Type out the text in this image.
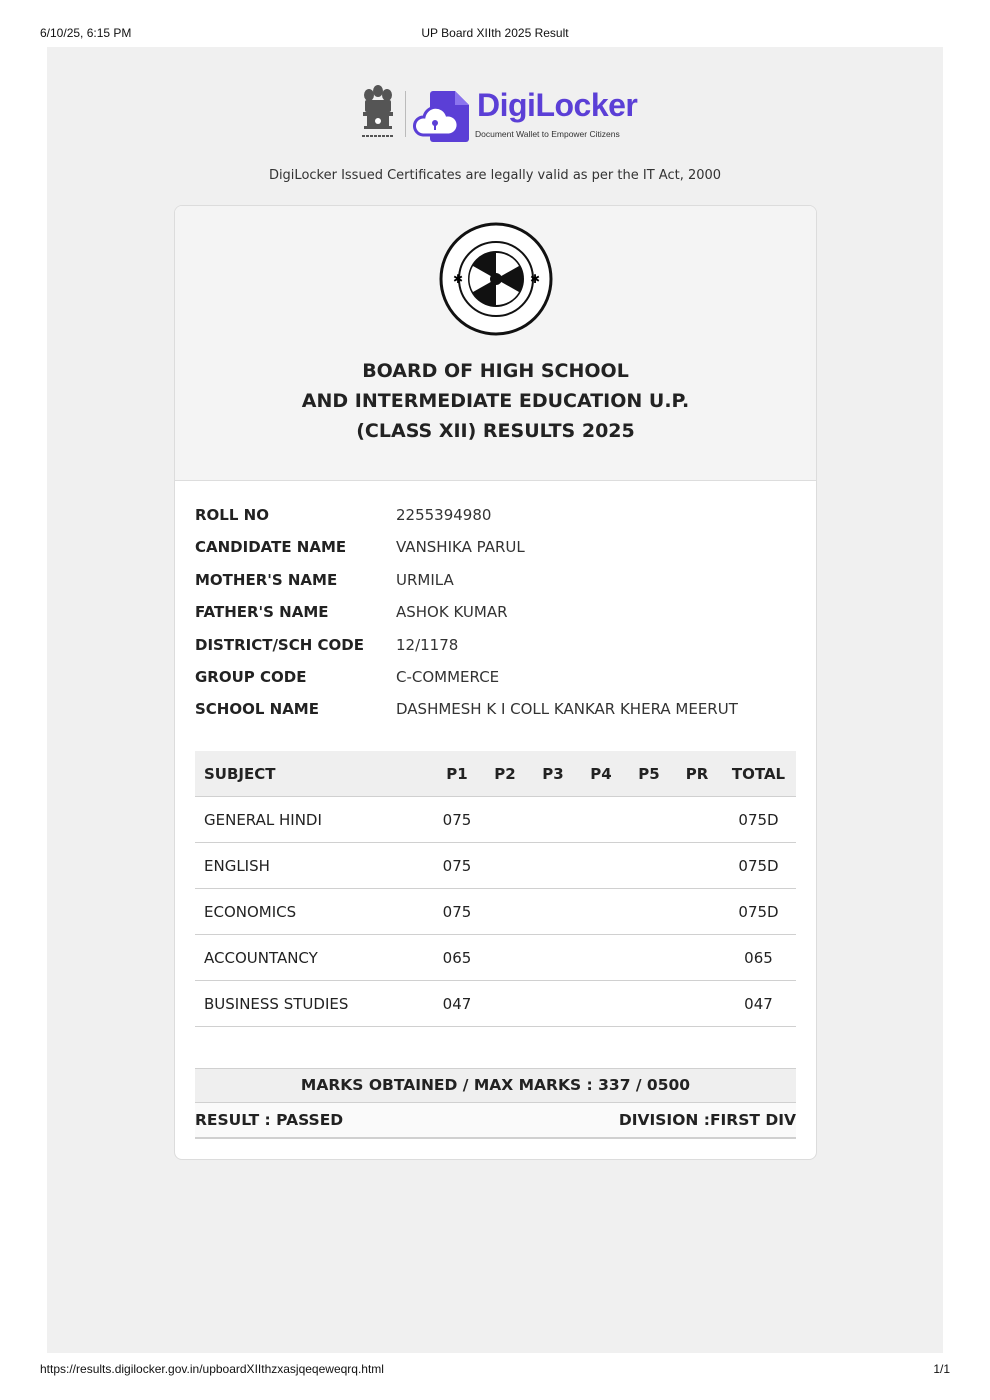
6/10/25, 6:15 PM	UP Board XIIth 2025 Result
DigiLocker
Document Wallet to Empower Citizens
DigiLocker Issued Certificates are legally valid as per the IT Act, 2000
✱	✱
BOARD OF HIGH SCHOOL
AND INTERMEDIATE EDUCATION U.P.
(CLASS XII) RESULTS 2025
ROLL NO	2255394980
CANDIDATE NAME	VANSHIKA PARUL
MOTHER'S NAME	URMILA
FATHER'S NAME	ASHOK KUMAR
DISTRICT/SCH CODE 12/1178
GROUP CODE	C-COMMERCE
SCHOOL NAME	DASHMESH K I COLL KANKAR KHERA MEERUT
SUBJECT	P1	P2	P3	P4	P5	PR	TOTAL
GENERAL HINDI	075						075D
ENGLISH	075						075D
ECONOMICS	075						075D
ACCOUNTANCY	065						065
BUSINESS STUDIES	047						047
MARKS OBTAINED / MAX MARKS : 337 / 0500
RESULT : PASSED	DIVISION :FIRST DIV
https://results.digilocker.gov.in/upboardXIIthzxasjqeqeweqrq.html	1/1
